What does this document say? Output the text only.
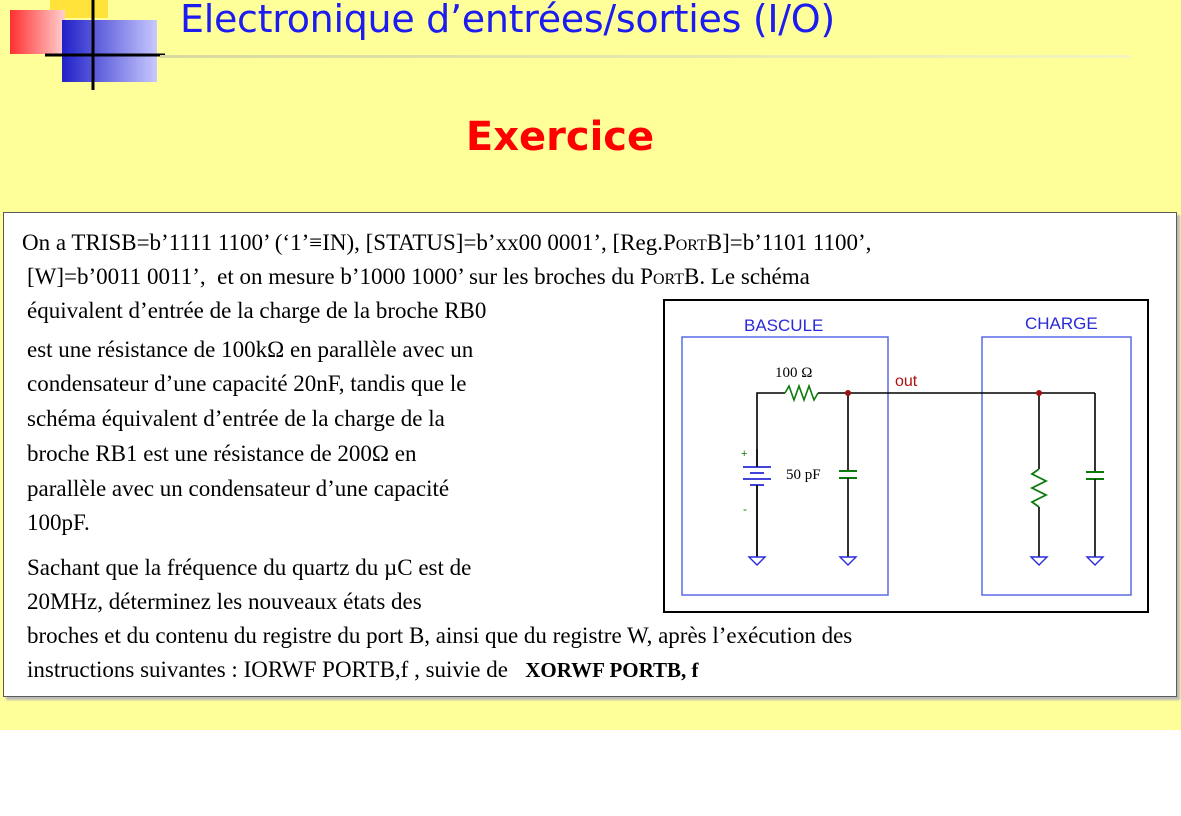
Electronique d’entrées/sorties (I/O)
Exercice
On a TRISB=b’1111 1100’ (‘1’≡IN), [STATUS]=b’xx00 0001’, [Reg.PortB]=b’1101 1100’,
[W]=b’0011 0011’,  et on mesure b’1000 1000’ sur les broches du PortB. Le schéma
équivalent d’entrée de la charge de la broche RB0
est une résistance de 100kΩ en parallèle avec un
condensateur d’une capacité 20nF, tandis que le
schéma équivalent d’entrée de la charge de la
broche RB1 est une résistance de 200Ω en
parallèle avec un condensateur d’une capacité
100pF.
Sachant que la fréquence du quartz du µC est de
20MHz, déterminez les nouveaux états des
broches et du contenu du registre du port B, ainsi que du registre W, après l’exécution des
instructions suivantes : IORWF PORTB,f , suivie de XORWF PORTB, f
BASCULE	CHARGE
100 Ω	out
+
-
50 pF
